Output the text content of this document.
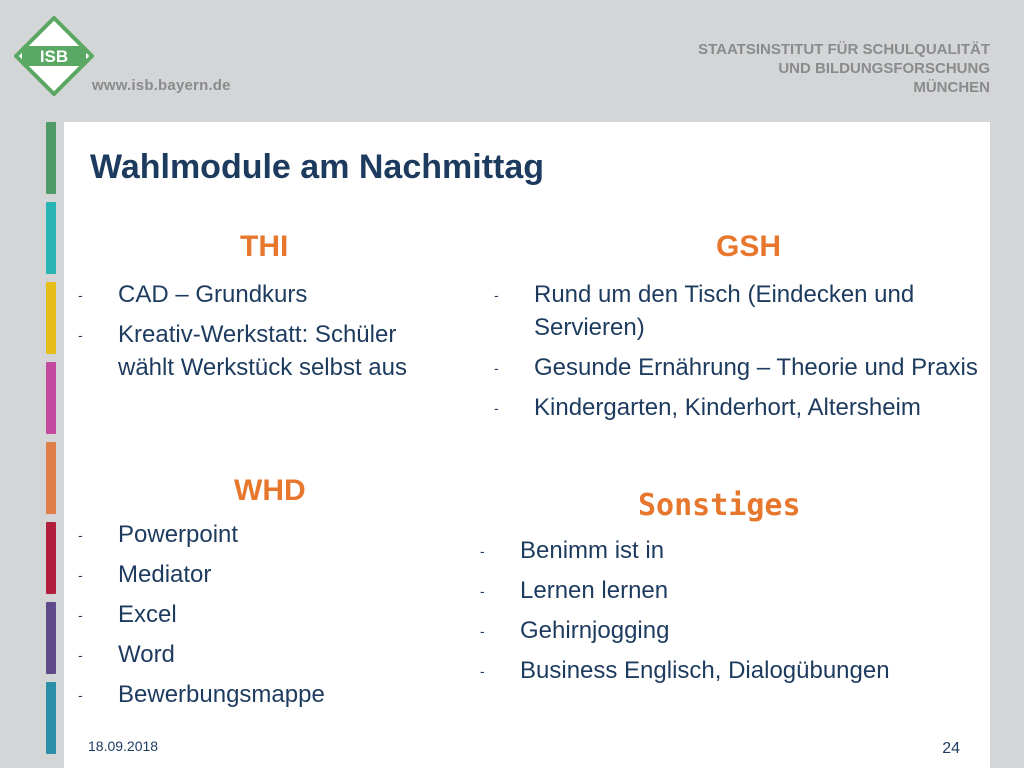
ISB
www.isb.bayern.de
STAATSINSTITUT FÜR SCHULQUALITÄT
UND BILDUNGSFORSCHUNG
MÜNCHEN
Wahlmodule am Nachmittag
THI
- CAD – Grundkurs
- Kreativ-Werkstatt: Schüler wählt Werkstück selbst aus
WHD
- Powerpoint
- Mediator
- Excel
- Word
- Bewerbungsmappe
GSH
- Rund um den Tisch (Eindecken und Servieren)
- Gesunde Ernährung – Theorie und Praxis
- Kindergarten, Kinderhort, Altersheim
Sonstiges
- Benimm ist in
- Lernen lernen
- Gehirnjogging
- Business Englisch, Dialogübungen
18.09.2018	24
